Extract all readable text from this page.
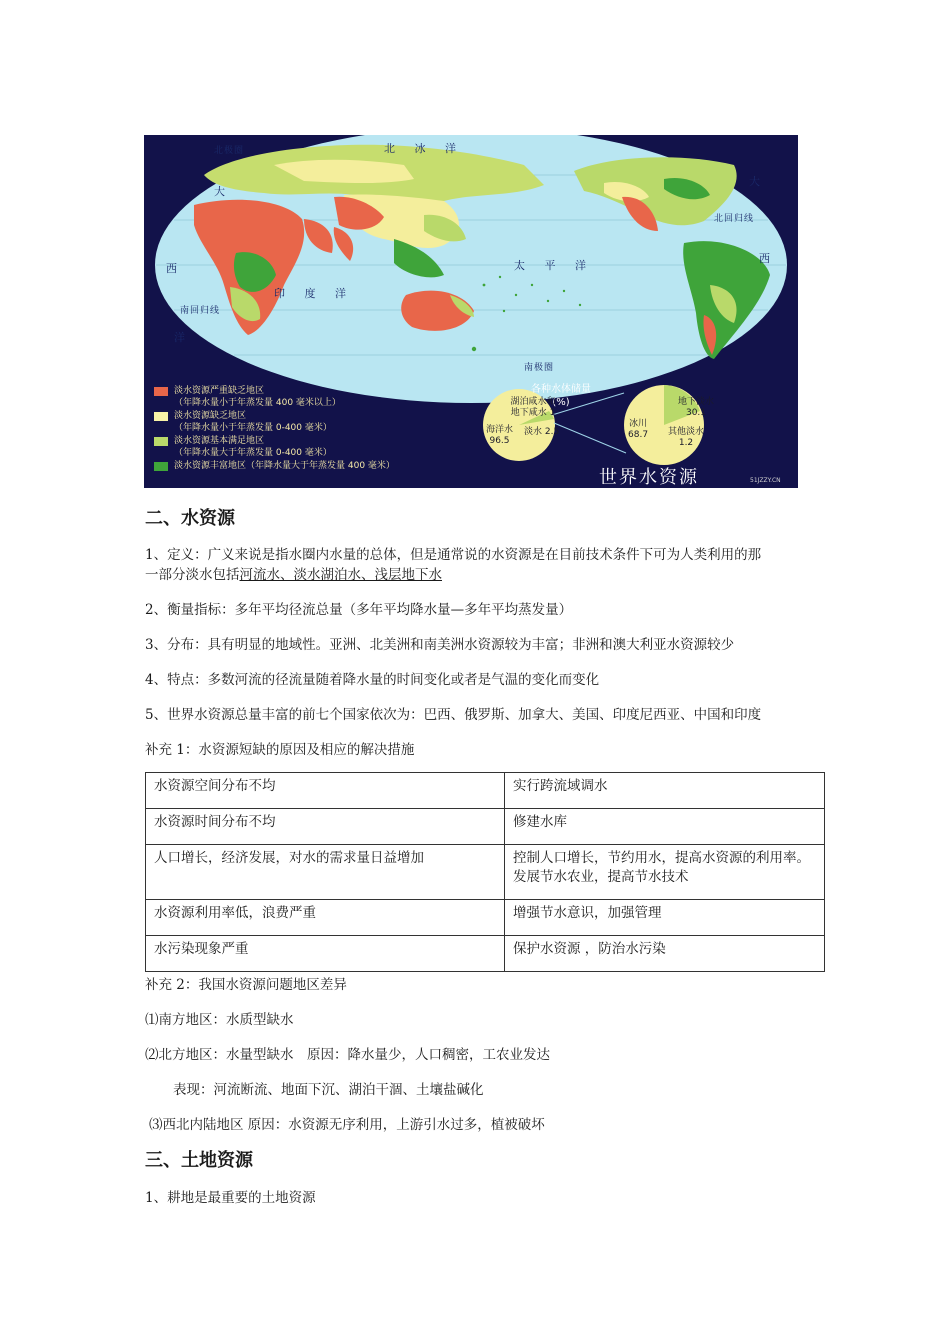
北 冰 洋
北极圈
北回归线
南回归线
南极圈
太 平 洋
印 度 洋
西
大
洋
大
西
淡水资源严重缺乏地区
（年降水量小于年蒸发量 400 毫米以上）
淡水资源缺乏地区
（年降水量小于年蒸发量 0-400 毫米）
淡水资源基本满足地区
（年降水量大于年蒸发量 0-400 毫米）
淡水资源丰富地区（年降水量大于年蒸发量 400 毫米）
各种水体储量
(%)
湖泊咸水和地下咸水 1
海洋水
96.5
淡水 2.5
地下淡水
30.1
冰川
68.7 其他淡水
1.2
世界水资源	51JZZY.CN
二、水资源
1、定义：广义来说是指水圈内水量的总体，但是通常说的水资源是在目前技术条件下可为人类利用的那
一部分淡水包括河流水、淡水湖泊水、浅层地下水
2、衡量指标：多年平均径流总量（多年平均降水量—多年平均蒸发量）
3、分布：具有明显的地域性。亚洲、北美洲和南美洲水资源较为丰富；非洲和澳大利亚水资源较少
4、特点：多数河流的径流量随着降水量的时间变化或者是气温的变化而变化
5、世界水资源总量丰富的前七个国家依次为：巴西、俄罗斯、加拿大、美国、印度尼西亚、中国和印度
补充 1：水资源短缺的原因及相应的解决措施
水资源空间分布不均	实行跨流域调水
水资源时间分布不均	修建水库
人口增长，经济发展，对水的需求量日益增加	控制人口增长，节约用水，提高水资源的利用率。发展节水农业，提高节水技术
水资源利用率低，浪费严重	增强节水意识，加强管理
水污染现象严重	保护水资源 ，防治水污染
补充 2：我国水资源问题地区差异
⑴南方地区：水质型缺水
⑵北方地区：水量型缺水　原因：降水量少，人口稠密，工农业发达
表现：河流断流、地面下沉、湖泊干涸、土壤盐碱化
⑶西北内陆地区 原因：水资源无序利用，上游引水过多，植被破坏
三、土地资源
1、耕地是最重要的土地资源
